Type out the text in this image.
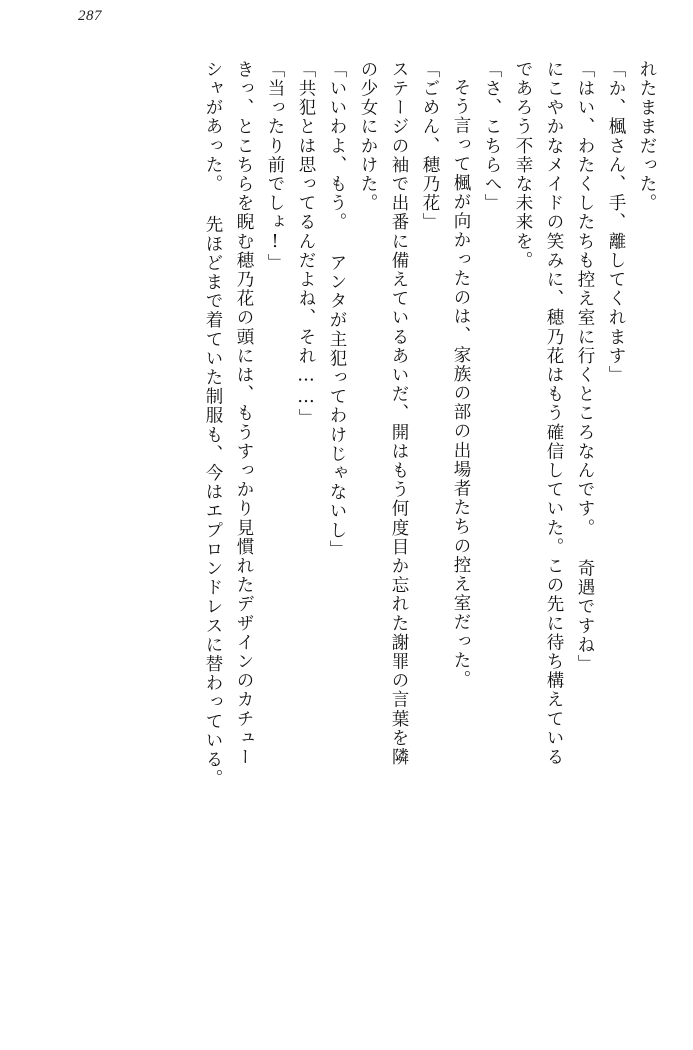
287
れたままだった。
「か、楓さん、手、離してくれます」
「はい、わたくしたちも控え室に行くところなんです。 奇遇ですね」
にこやかなメイドの笑みに、穂乃花はもう確信していた。この先に待ち構えている
であろう不幸な未来を。
「さ、こちらへ」
そう言って楓が向かったのは、家族の部の出場者たちの控え室だった。
「ごめん、穂乃花」
ステージの袖で出番に備えているあいだ、開はもう何度目か忘れた謝罪の言葉を隣
の少女にかけた。
「いいわよ、もう。 アンタが主犯ってわけじゃないし」
「共犯とは思ってるんだよね、それ……」
「当ったり前でしょ!」
きっ、とこちらを睨む穂乃花の頭には、もうすっかり見慣れたデザインのカチュー
シャがあった。 先ほどまで着ていた制服も、今はエプロンドレスに替わっている。
